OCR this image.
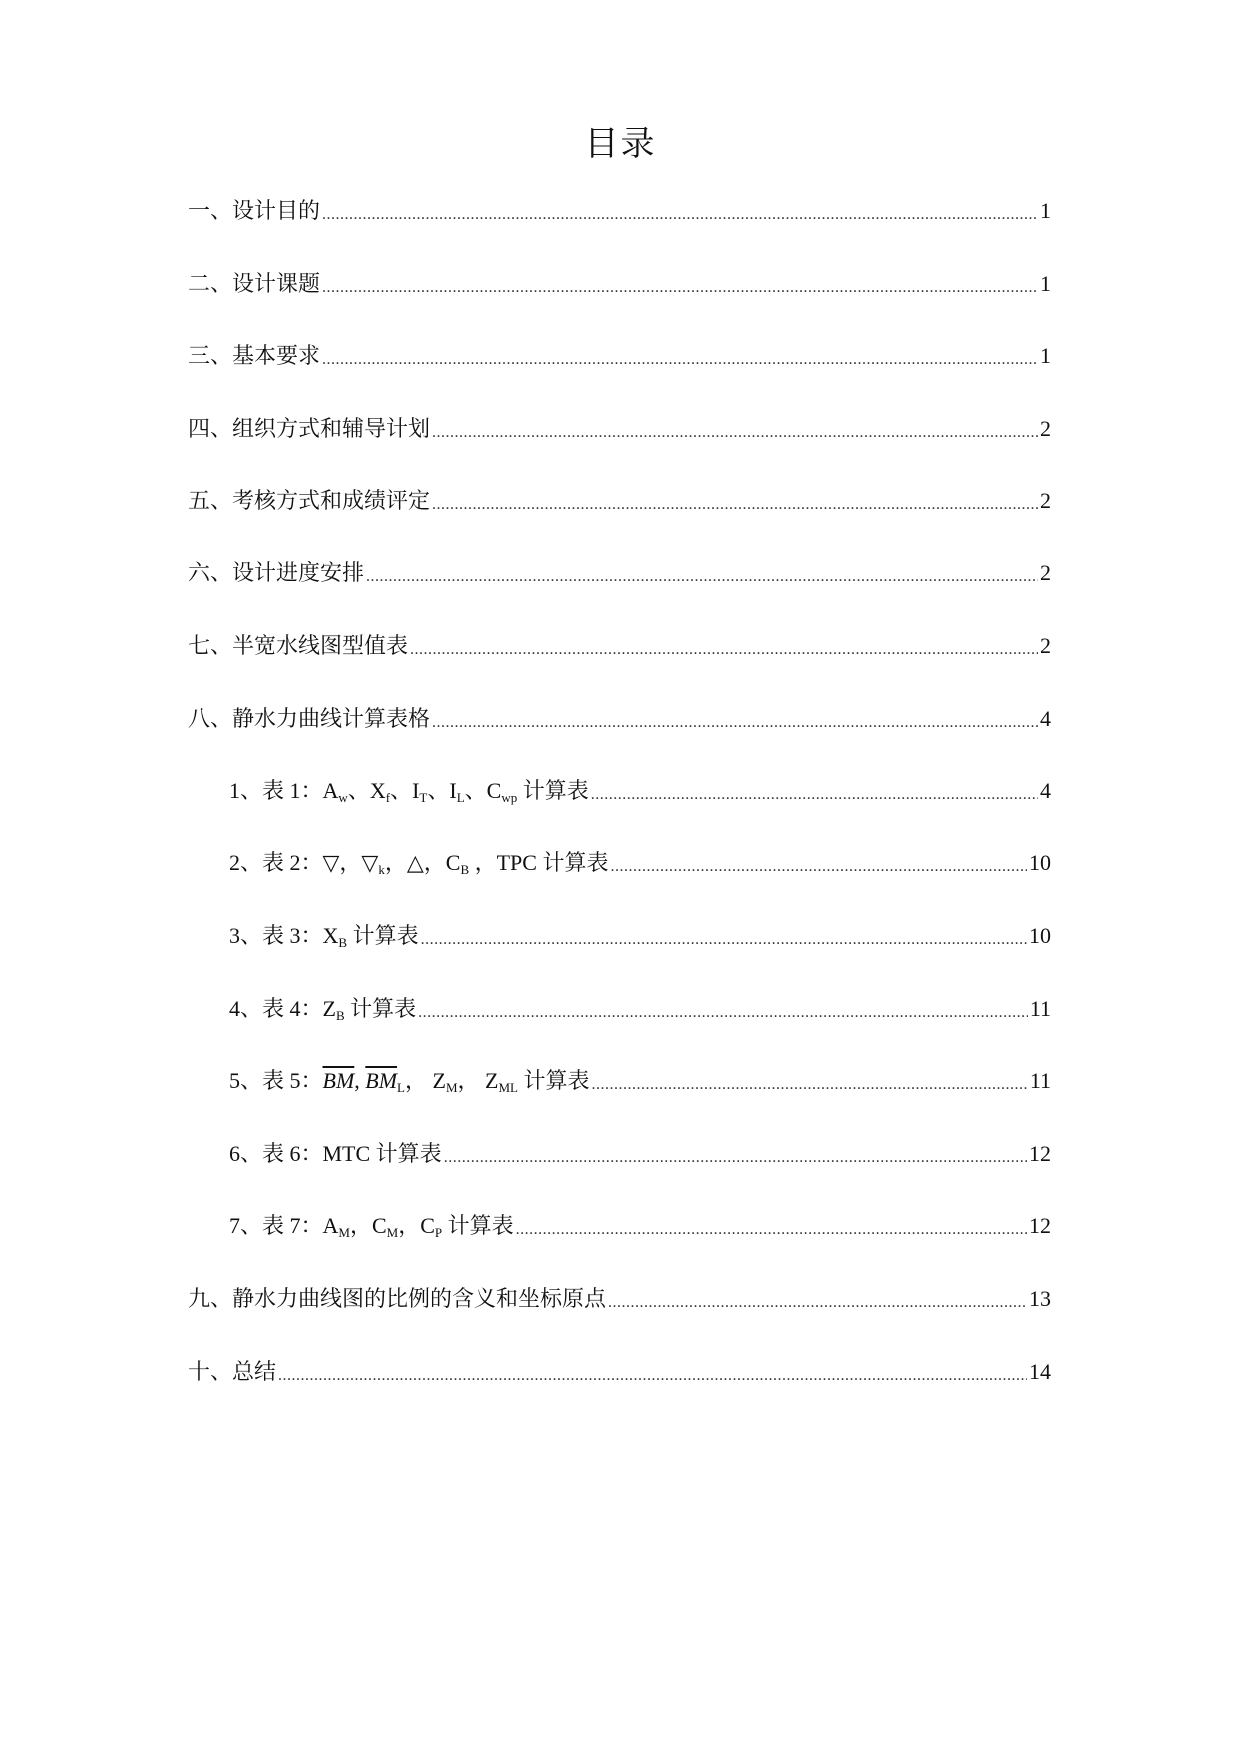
目录
一、设计目的 .....	1
二、设计课题 .....	1
三、基本要求 .....	1
四、组织方式和辅导计划 .....	2
五、考核方式和成绩评定 .....	2
六、设计进度安排 .....	2
七、半宽水线图型值表 .....	2
八、静水力曲线计算表格 .....	4
1、表 1：$A_w$、$X_f$、$I_T$、$I_L$、$C_{wp}$ 计算表 .....	4
2、表 2：▽，$▽_k$，△，$C_B$ ，TPC 计算表 .....	10
3、表 3：$X_B$ 计算表 .....	10
4、表 4：$Z_B$ 计算表 .....	11
5、表 5：$\overline{BM}$, $\overline{BM}_L$， $Z_M$， $Z_{ML}$ 计算表 .....	11
6、表 6：MTC 计算表 .....	12
7、表 7：$A_M$，$C_M$，$C_P$ 计算表 .....	12
九、静水力曲线图的比例的含义和坐标原点 .....	13
十、总结 .....	14
